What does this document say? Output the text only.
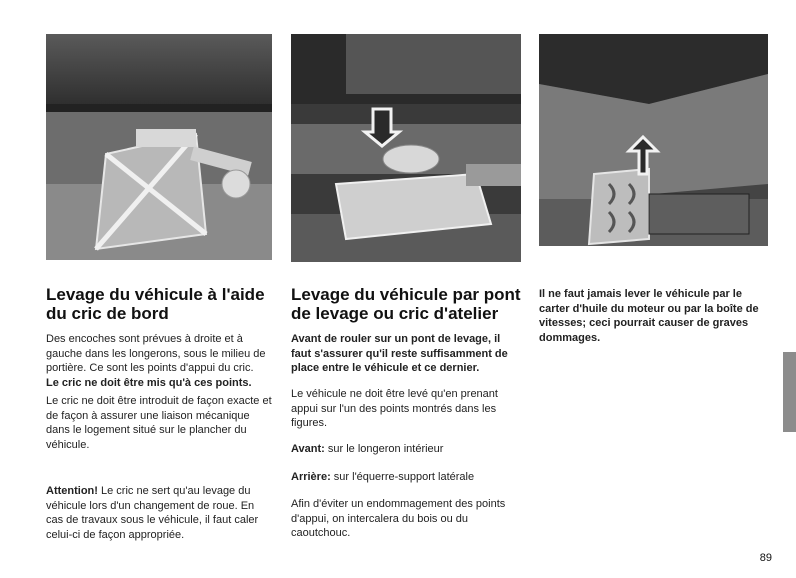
Levage du véhicule à l'aide du cric de bord

Des encoches sont prévues à droite et à gauche dans les longerons, sous le milieu de portière. Ce sont les points d'appui du cric.

Le cric ne doit être mis qu'à ces points.

Le cric ne doit être introduit de façon exacte et de façon à assurer une liaison mécanique dans le logement situé sur le plancher du véhicule.

Attention! Le cric ne sert qu'au levage du véhicule lors d'un changement de roue. En cas de travaux sous le véhicule, il faut caler celui-ci de façon appropriée.

Levage du véhicule par pont de levage ou cric d'atelier

Avant de rouler sur un pont de levage, il faut s'assurer qu'il reste suffisamment de place entre le véhicule et ce dernier.

Le véhicule ne doit être levé qu'en prenant appui sur l'un des points montrés dans les figures.

Avant: sur le longeron intérieur

Arrière: sur l'équerre-support latérale

Afin d'éviter un endommagement des points d'appui, on intercalera du bois ou du caoutchouc.

Il ne faut jamais lever le véhicule par le carter d'huile du moteur ou par la boîte de vitesses; ceci pourrait causer de graves dommages.

89
